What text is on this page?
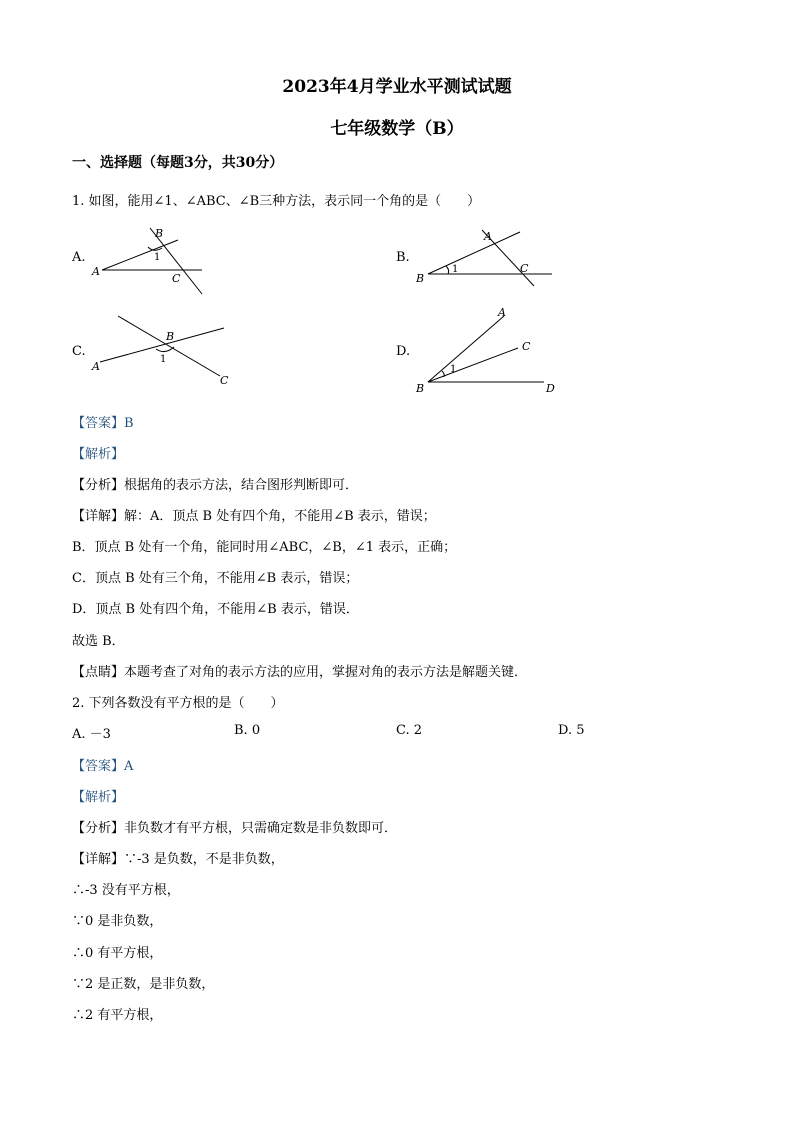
2023年4月学业水平测试试题
七年级数学（B）
一、选择题（每题3分，共30分）
1. 如图，能用∠1、∠ABC、∠B三种方法，表示同一个角的是（　　）
A.
B
1
A
C
B.
A
1
B
C
C.
B
1
A
C
D.
A
C
1
B	D
【答案】B
【解析】
【分析】根据角的表示方法，结合图形判断即可．
【详解】解：A．顶点 B 处有四个角，不能用∠B 表示，错误；
B．顶点 B 处有一个角，能同时用∠ABC，∠B，∠1 表示，正确；
C．顶点 B 处有三个角，不能用∠B 表示，错误；
D．顶点 B 处有四个角，不能用∠B 表示，错误．
故选 B．
【点睛】本题考查了对角的表示方法的应用，掌握对角的表示方法是解题关键．
2. 下列各数没有平方根的是（　　）
A. －3	B. 0	C. 2	D. 5
【答案】A
【解析】
【分析】非负数才有平方根，只需确定数是非负数即可．
【详解】∵-3 是负数，不是非负数，
∴-3 没有平方根，
∵0 是非负数，
∴0 有平方根，
∵2 是正数，是非负数，
∴2 有平方根，
